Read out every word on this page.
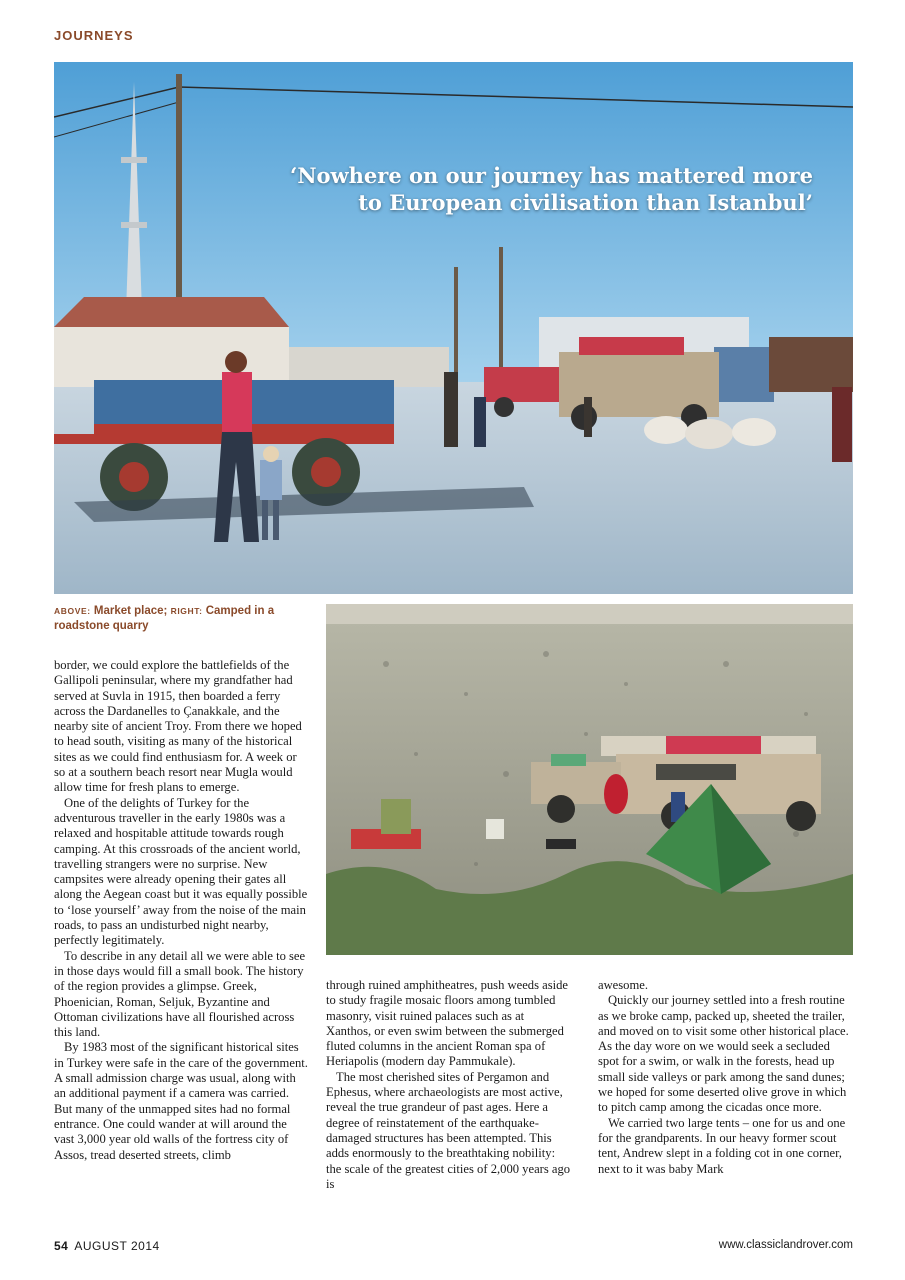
JOURNEYS
‘Nowhere on our journey has mattered more
to European civilisation than Istanbul’
ABOVE: Market place; RIGHT: Camped in a roadstone quarry

border, we could explore the battlefields of the Gallipoli peninsular, where my grandfather had served at Suvla in 1915, then boarded a ferry across the Dardanelles to Çanakkale, and the nearby site of ancient Troy. From there we hoped to head south, visiting as many of the historical sites as we could find enthusiasm for. A week or so at a southern beach resort near Mugla would allow time for fresh plans to emerge.

One of the delights of Turkey for the adventurous traveller in the early 1980s was a relaxed and hospitable attitude towards rough camping. At this crossroads of the ancient world, travelling strangers were no surprise. New campsites were already opening their gates all along the Aegean coast but it was equally possible to ‘lose yourself’ away from the noise of the main roads, to pass an undisturbed night nearby, perfectly legitimately.

To describe in any detail all we were able to see in those days would fill a small book. The history of the region provides a glimpse. Greek, Phoenician, Roman, Seljuk, Byzantine and Ottoman civilizations have all flourished across this land.

By 1983 most of the significant historical sites in Turkey were safe in the care of the government. A small admission charge was usual, along with an additional payment if a camera was carried. But many of the unmapped sites had no formal entrance. One could wander at will around the vast 3,000 year old walls of the fortress city of Assos, tread deserted streets, climb

through ruined amphitheatres, push weeds aside to study fragile mosaic floors among tumbled masonry, visit ruined palaces such as at Xanthos, or even swim between the submerged fluted columns in the ancient Roman spa of Heriapolis (modern day Pammukale).

The most cherished sites of Pergamon and Ephesus, where archaeologists are most active, reveal the true grandeur of past ages. Here a degree of reinstatement of the earthquake-damaged structures has been attempted. This adds enormously to the breathtaking nobility: the scale of the greatest cities of 2,000 years ago is

awesome.

Quickly our journey settled into a fresh routine as we broke camp, packed up, sheeted the trailer, and moved on to visit some other historical place. As the day wore on we would seek a secluded spot for a swim, or walk in the forests, head up small side valleys or park among the sand dunes; we hoped for some deserted olive grove in which to pitch camp among the cicadas once more.

We carried two large tents – one for us and one for the grandparents. In our heavy former scout tent, Andrew slept in a folding cot in one corner, next to it was baby Mark

54 AUGUST 2014	www.classiclandrover.com
